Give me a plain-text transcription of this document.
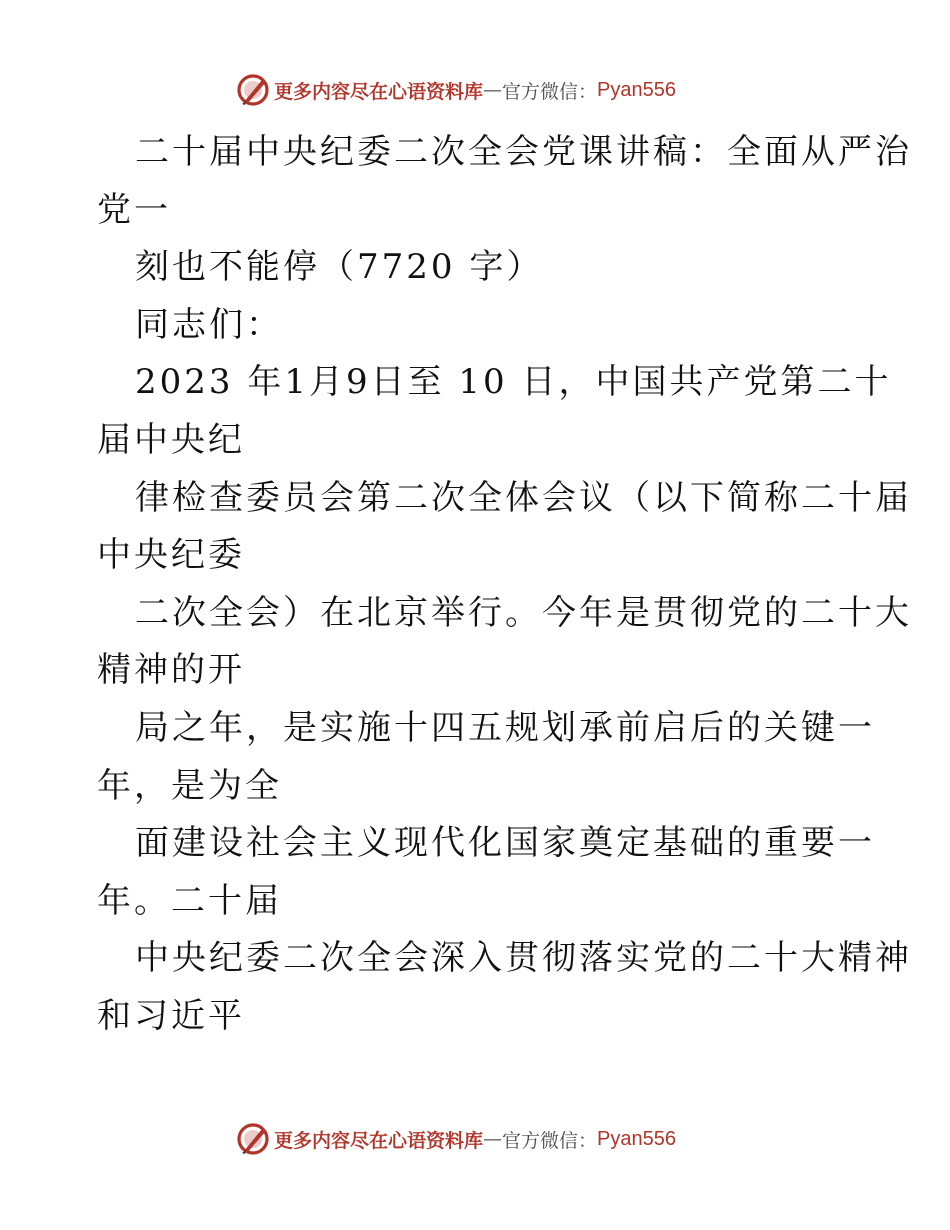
更多内容尽在心语资料库 — 官方微信： Pyan556
二十届中央纪委二次全会党课讲稿：全面从严治
党一
刻也不能停（7720 字）
同志们：
2023 年1月9日至 10 日，中国共产党第二十
届中央纪
律检查委员会第二次全体会议（以下简称二十届
中央纪委
二次全会）在北京举行。今年是贯彻党的二十大
精神的开
局之年，是实施十四五规划承前启后的关键一
年，是为全
面建设社会主义现代化国家奠定基础的重要一
年。二十届
中央纪委二次全会深入贯彻落实党的二十大精神
和习近平
更多内容尽在心语资料库 — 官方微信： Pyan556
